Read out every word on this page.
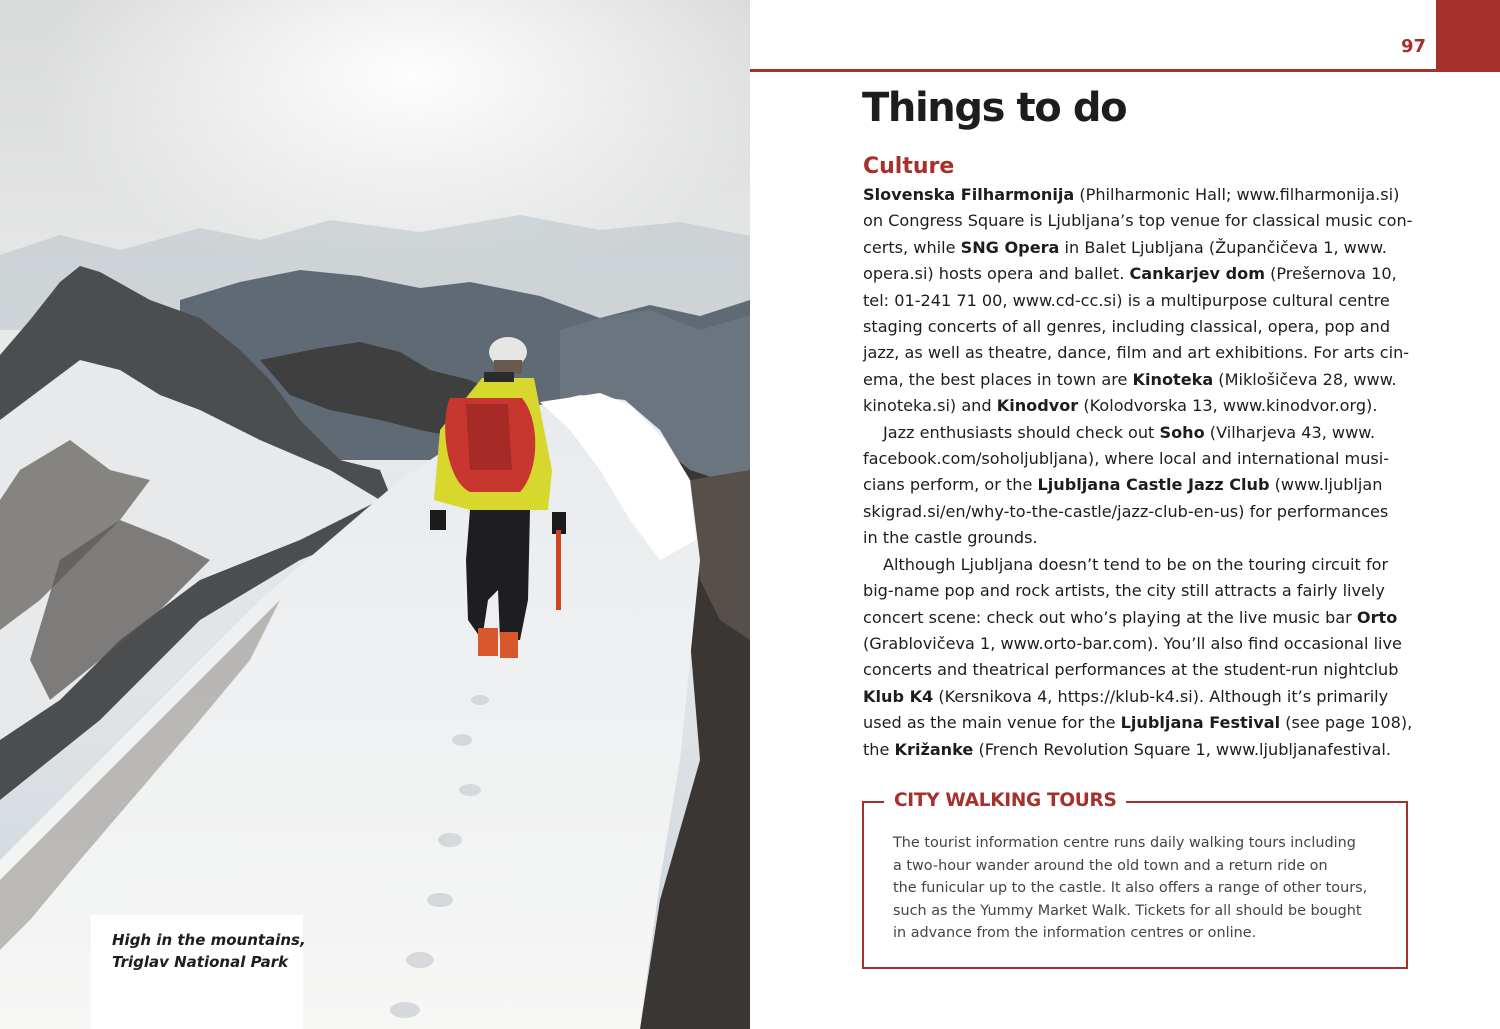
High in the mountains,
Triglav National Park
97
Things to do
Culture
Slovenska Filharmonija (Philharmonic Hall; www.filharmonija.si)
on Congress Square is Ljubljana’s top venue for classical music con-
certs, while SNG Opera in Balet Ljubljana (Župančičeva 1, www.
opera.si) hosts opera and ballet. Cankarjev dom (Prešernova 10,
tel: 01-241 71 00, www.cd-cc.si) is a multipurpose cultural centre
staging concerts of all genres, including classical, opera, pop and
jazz, as well as theatre, dance, film and art exhibitions. For arts cin-
ema, the best places in town are Kinoteka (Miklošičeva 28, www.
kinoteka.si) and Kinodvor (Kolodvorska 13, www.kinodvor.org).
Jazz enthusiasts should check out Soho (Vilharjeva 43, www.
facebook.com/soholjubljana), where local and international musi-
cians perform, or the Ljubljana Castle Jazz Club (www.ljubljan
skigrad.si/en/why-to-the-castle/jazz-club-en-us) for performances
in the castle grounds.
Although Ljubljana doesn’t tend to be on the touring circuit for
big-name pop and rock artists, the city still attracts a fairly lively
concert scene: check out who’s playing at the live music bar Orto
(Grablovičeva 1, www.orto-bar.com). You’ll also find occasional live
concerts and theatrical performances at the student-run nightclub
Klub K4 (Kersnikova 4, https://klub-k4.si). Although it’s primarily
used as the main venue for the Ljubljana Festival (see page 108),
the Križanke (French Revolution Square 1, www.ljubljanafestival.
CITY WALKING TOURS
The tourist information centre runs daily walking tours including
a two-hour wander around the old town and a return ride on
the funicular up to the castle. It also offers a range of other tours,
such as the Yummy Market Walk. Tickets for all should be bought
in advance from the information centres or online.
